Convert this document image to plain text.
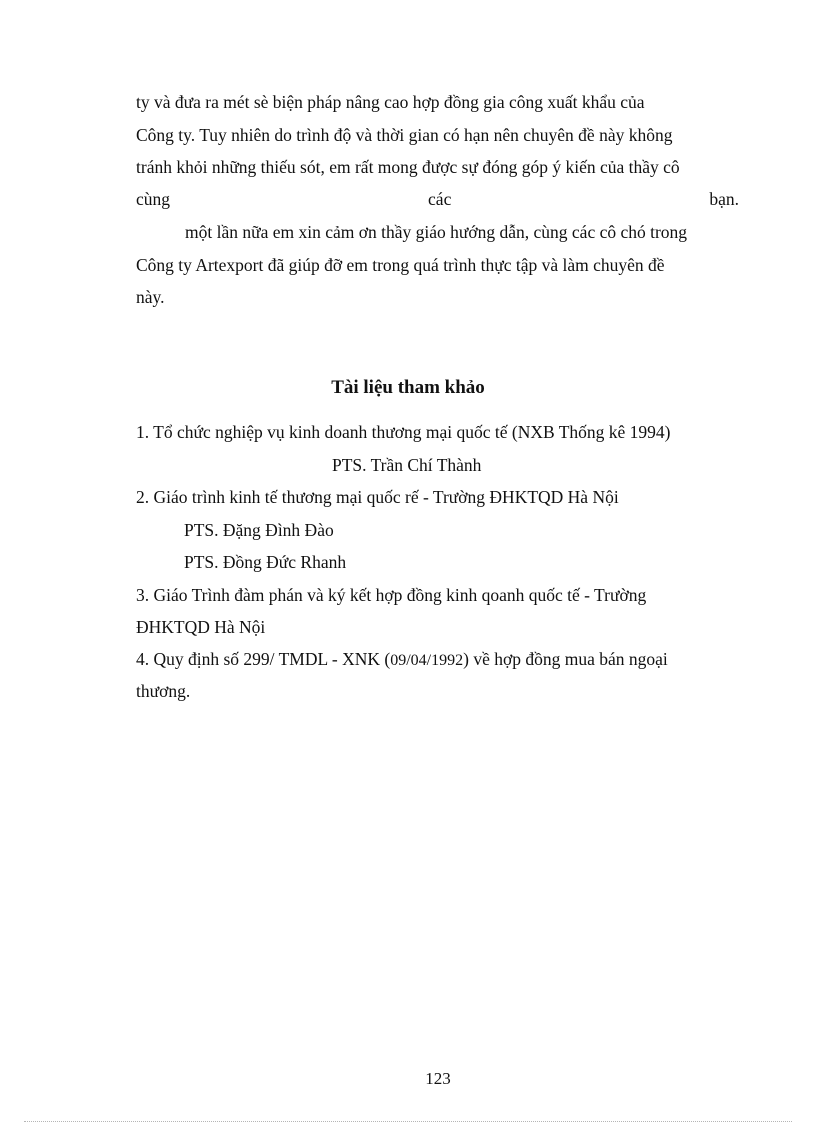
ty và đưa ra mét sè biện pháp nâng cao hợp đồng gia công xuất khẩu của
Công ty. Tuy nhiên do trình độ và thời gian có hạn nên chuyên đề này không
tránh khỏi những thiếu sót, em rất mong được sự đóng góp ý kiến của thầy cô
cùng	các	bạn.
một lần nữa em xin cảm ơn thầy giáo hướng dẫn, cùng các cô chó trong
Công ty Artexport đã giúp đỡ em trong quá trình thực tập và làm chuyên đề
này.
Tài liệu tham khảo
1. Tổ chức nghiệp vụ kinh doanh thương mại quốc tế (NXB Thống kê 1994)
PTS. Trần Chí Thành
2. Giáo trình kinh tế thương mại quốc rế - Trường ĐHKTQD Hà Nội
PTS. Đặng Đình Đào
PTS. Đồng Đức Rhanh
3. Giáo Trình đàm phán và ký kết hợp đồng kinh qoanh quốc tế - Trường
ĐHKTQD Hà Nội
4. Quy định số 299/ TMDL - XNK (09/04/1992) về hợp đồng mua bán ngoại
thương.
123
